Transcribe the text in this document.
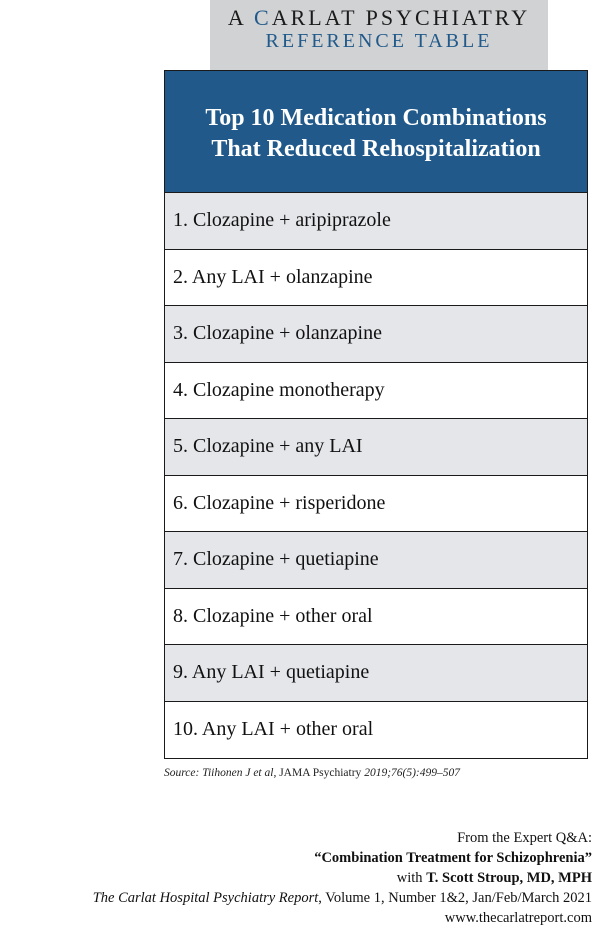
A CARLAT PSYCHIATRY
REFERENCE TABLE
Top 10 Medication Combinations
That Reduced Rehospitalization
1. Clozapine + aripiprazole
2. Any LAI + olanzapine
3. Clozapine + olanzapine
4. Clozapine monotherapy
5. Clozapine + any LAI
6. Clozapine + risperidone
7. Clozapine + quetiapine
8. Clozapine + other oral
9. Any LAI + quetiapine
10. Any LAI + other oral
Source: Tiihonen J et al, JAMA Psychiatry 2019;76(5):499–507
From the Expert Q&A:
“Combination Treatment for Schizophrenia”
with T. Scott Stroup, MD, MPH
The Carlat Hospital Psychiatry Report, Volume 1, Number 1&2, Jan/Feb/March 2021
www.thecarlatreport.com
